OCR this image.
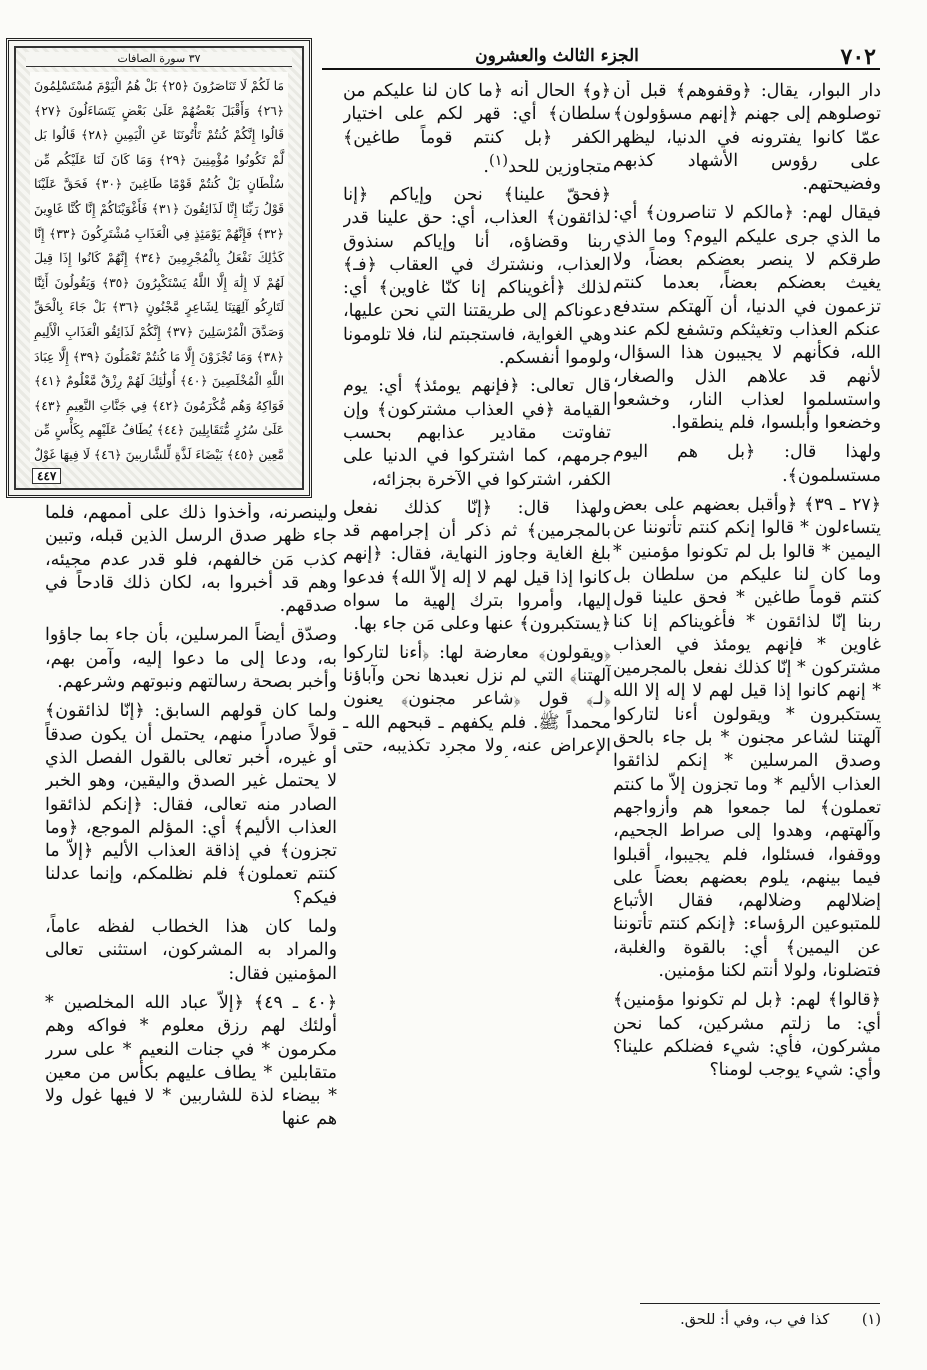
٧٠٢
الجزء الثالث والعشرون
٣٧ سورة الصافات
مَا لَكُمْ لَا تَنَاصَرُونَ ﴿٢٥﴾ بَلْ هُمُ الْيَوْمَ مُسْتَسْلِمُونَ ﴿٢٦﴾ وَأَقْبَلَ بَعْضُهُمْ عَلَىٰ بَعْضٍ يَتَسَاءَلُونَ ﴿٢٧﴾ قَالُوا إِنَّكُمْ كُنتُمْ تَأْتُونَنَا عَنِ الْيَمِينِ ﴿٢٨﴾ قَالُوا بَل لَّمْ تَكُونُوا مُؤْمِنِينَ ﴿٢٩﴾ وَمَا كَانَ لَنَا عَلَيْكُم مِّن سُلْطَانٍ بَلْ كُنتُمْ قَوْمًا طَاغِينَ ﴿٣٠﴾ فَحَقَّ عَلَيْنَا قَوْلُ رَبِّنَا إِنَّا لَذَائِقُونَ ﴿٣١﴾ فَأَغْوَيْنَاكُمْ إِنَّا كُنَّا غَاوِينَ ﴿٣٢﴾ فَإِنَّهُمْ يَوْمَئِذٍ فِي الْعَذَابِ مُشْتَرِكُونَ ﴿٣٣﴾ إِنَّا كَذَٰلِكَ نَفْعَلُ بِالْمُجْرِمِينَ ﴿٣٤﴾ إِنَّهُمْ كَانُوا إِذَا قِيلَ لَهُمْ لَا إِلَٰهَ إِلَّا اللَّهُ يَسْتَكْبِرُونَ ﴿٣٥﴾ وَيَقُولُونَ أَئِنَّا لَتَارِكُو آلِهَتِنَا لِشَاعِرٍ مَّجْنُونٍ ﴿٣٦﴾ بَلْ جَاءَ بِالْحَقِّ وَصَدَّقَ الْمُرْسَلِينَ ﴿٣٧﴾ إِنَّكُمْ لَذَائِقُو الْعَذَابِ الْأَلِيمِ ﴿٣٨﴾ وَمَا تُجْزَوْنَ إِلَّا مَا كُنتُمْ تَعْمَلُونَ ﴿٣٩﴾ إِلَّا عِبَادَ اللَّهِ الْمُخْلَصِينَ ﴿٤٠﴾ أُولَٰئِكَ لَهُمْ رِزْقٌ مَّعْلُومٌ ﴿٤١﴾ فَوَاكِهُ وَهُم مُّكْرَمُونَ ﴿٤٢﴾ فِي جَنَّاتِ النَّعِيمِ ﴿٤٣﴾ عَلَىٰ سُرُرٍ مُّتَقَابِلِينَ ﴿٤٤﴾ يُطَافُ عَلَيْهِم بِكَأْسٍ مِّن مَّعِينٍ ﴿٤٥﴾ بَيْضَاءَ لَذَّةٍ لِّلشَّارِبِينَ ﴿٤٦﴾ لَا فِيهَا غَوْلٌ
٤٤٧

دار البوار، يقال: ﴿وقفوهم﴾ قبل أن توصلوهم إلى جهنم ﴿إنهم مسؤولون﴾ عمّا كانوا يفترونه في الدنيا، ليظهر على رؤوس الأشهاد كذبهم وفضيحتهم.

فيقال لهم: ﴿مالكم لا تناصرون﴾ أي: ما الذي جرى عليكم اليوم؟ وما الذي طرقكم لا ينصر بعضكم بعضاً، ولا يغيث بعضكم بعضاً، بعدما كنتم تزعمون في الدنيا، أن آلهتكم ستدفع عنكم العذاب وتغيثكم وتشفع لكم عند الله، فكأنهم لا يجيبون هذا السؤال، لأنهم قد علاهم الذل والصغار، واستسلموا لعذاب النار، وخشعوا وخضعوا وأبلسوا، فلم ينطقوا.

ولهذا قال: ﴿بل هم اليوم مستسلمون﴾.

﴿٢٧ ـ ٣٩﴾ ﴿وأقبل بعضهم على بعض يتساءلون * قالوا إنكم كنتم تأتوننا عن اليمين * قالوا بل لم تكونوا مؤمنين * وما كان لنا عليكم من سلطان بل كنتم قوماً طاغين * فحق علينا قول ربنا إنّا لذائقون * فأغويناكم إنا كنا غاوين * فإنهم يومئذ في العذاب مشتركون * إنّا كذلك نفعل بالمجرمين * إنهم كانوا إذا قيل لهم لا إله إلا الله يستكبرون * ويقولون أءنا لتاركوا آلهتنا لشاعر مجنون * بل جاء بالحق وصدق المرسلين * إنكم لذائقوا العذاب الأليم * وما تجزون إلاّ ما كنتم تعملون﴾ لما جمعوا هم وأزواجهم وآلهتهم، وهدوا إلى صراط الجحيم، ووقفوا، فسئلوا، فلم يجيبوا، أقبلوا فيما بينهم، يلوم بعضهم بعضاً على إضلالهم وضلالهم، فقال الأتباع للمتبوعين الرؤساء: ﴿إنكم كنتم تأتوننا عن اليمين﴾ أي: بالقوة والغلبة، فتضلونا، ولولا أنتم لكنا مؤمنين.

﴿قالوا﴾ لهم: ﴿بل لم تكونوا مؤمنين﴾ أي: ما زلتم مشركين، كما نحن مشركون، فأي: شيء فضلكم علينا؟ وأي: شيء يوجب لومنا؟

﴿و﴾ الحال أنه ﴿ما كان لنا عليكم من سلطان﴾ أي: قهر لكم على اختيار الكفر ﴿بل كنتم قوماً طاغين﴾ متجاوزين للحد$^{(١)}$.

﴿فحقّ علينا﴾ نحن وإياكم ﴿إنا لذائقون﴾ العذاب، أي: حق علينا قدر ربنا وقضاؤه، أنا وإياكم سنذوق العذاب، ونشترك في العقاب ﴿فـ﴾ لذلك ﴿أغويناكم إنا كنّا غاوين﴾ أي: دعوناكم إلى طريقتنا التي نحن عليها، وهي الغواية، فاستجبتم لنا، فلا تلومونا ولوموا أنفسكم.

قال تعالى: ﴿فإنهم يومئذ﴾ أي: يوم القيامة ﴿في العذاب مشتركون﴾ وإن تفاوتت مقادير عذابهم بحسب جرمهم، كما اشتركوا في الدنيا على الكفر، اشتركوا في الآخرة بجزائه،

ولهذا قال: ﴿إنّا كذلك نفعل بالمجرمين﴾ ثم ذكر أن إجرامهم قد بلغ الغاية وجاوز النهاية، فقال: ﴿إنهم كانوا إذا قيل لهم لا إله إلاّ الله﴾ فدعوا إليها، وأمروا بترك إلهية ما سواه ﴿يستكبرون﴾ عنها وعلى مَن جاء بها.

﴿ويقولون﴾ معارضة لها: ﴿أءنا لتاركوا آلهتنا﴾ التي لم نزل نعبدها نحن وآباؤنا ﴿لـ﴾ قول ﴿شاعر مجنون﴾ يعنون محمداً ﷺ. فلم يكفهم ـ قبحهم الله ـ الإعراض عنه، ولا مجرد تكذيبه، حتى

ولينصرنه، وأخذوا ذلك على أممهم، فلما جاء ظهر صدق الرسل الذين قبله، وتبين كذب مَن خالفهم، فلو قدر عدم مجيئه، وهم قد أخبروا به، لكان ذلك قادحاً في صدقهم.

وصدّق أيضاً المرسلين، بأن جاء بما جاؤوا به، ودعا إلى ما دعوا إليه، وآمن بهم، وأخبر بصحة رسالتهم ونبوتهم وشرعهم.

ولما كان قولهم السابق: ﴿إنّا لذائقون﴾ قولاً صادراً منهم، يحتمل أن يكون صدقاً أو غيره، أخبر تعالى بالقول الفصل الذي لا يحتمل غير الصدق واليقين، وهو الخبر الصادر منه تعالى، فقال: ﴿إنكم لذائقوا العذاب الأليم﴾ أي: المؤلم الموجع، ﴿وما تجزون﴾ في إذاقة العذاب الأليم ﴿إلاّ ما كنتم تعملون﴾ فلم نظلمكم، وإنما عدلنا فيكم؟

ولما كان هذا الخطاب لفظه عاماً، والمراد به المشركون، استثنى تعالى المؤمنين فقال:

﴿٤٠ ـ ٤٩﴾ ﴿إلاّ عباد الله المخلصين * أولئك لهم رزق معلوم * فواكه وهم مكرمون * في جنات النعيم * على سرر متقابلين * يطاف عليهم بكأس من معين * بيضاء لذة للشاربين * لا فيها غول ولا هم عنها

(١) كذا في ب، وفي أ: للحق.
